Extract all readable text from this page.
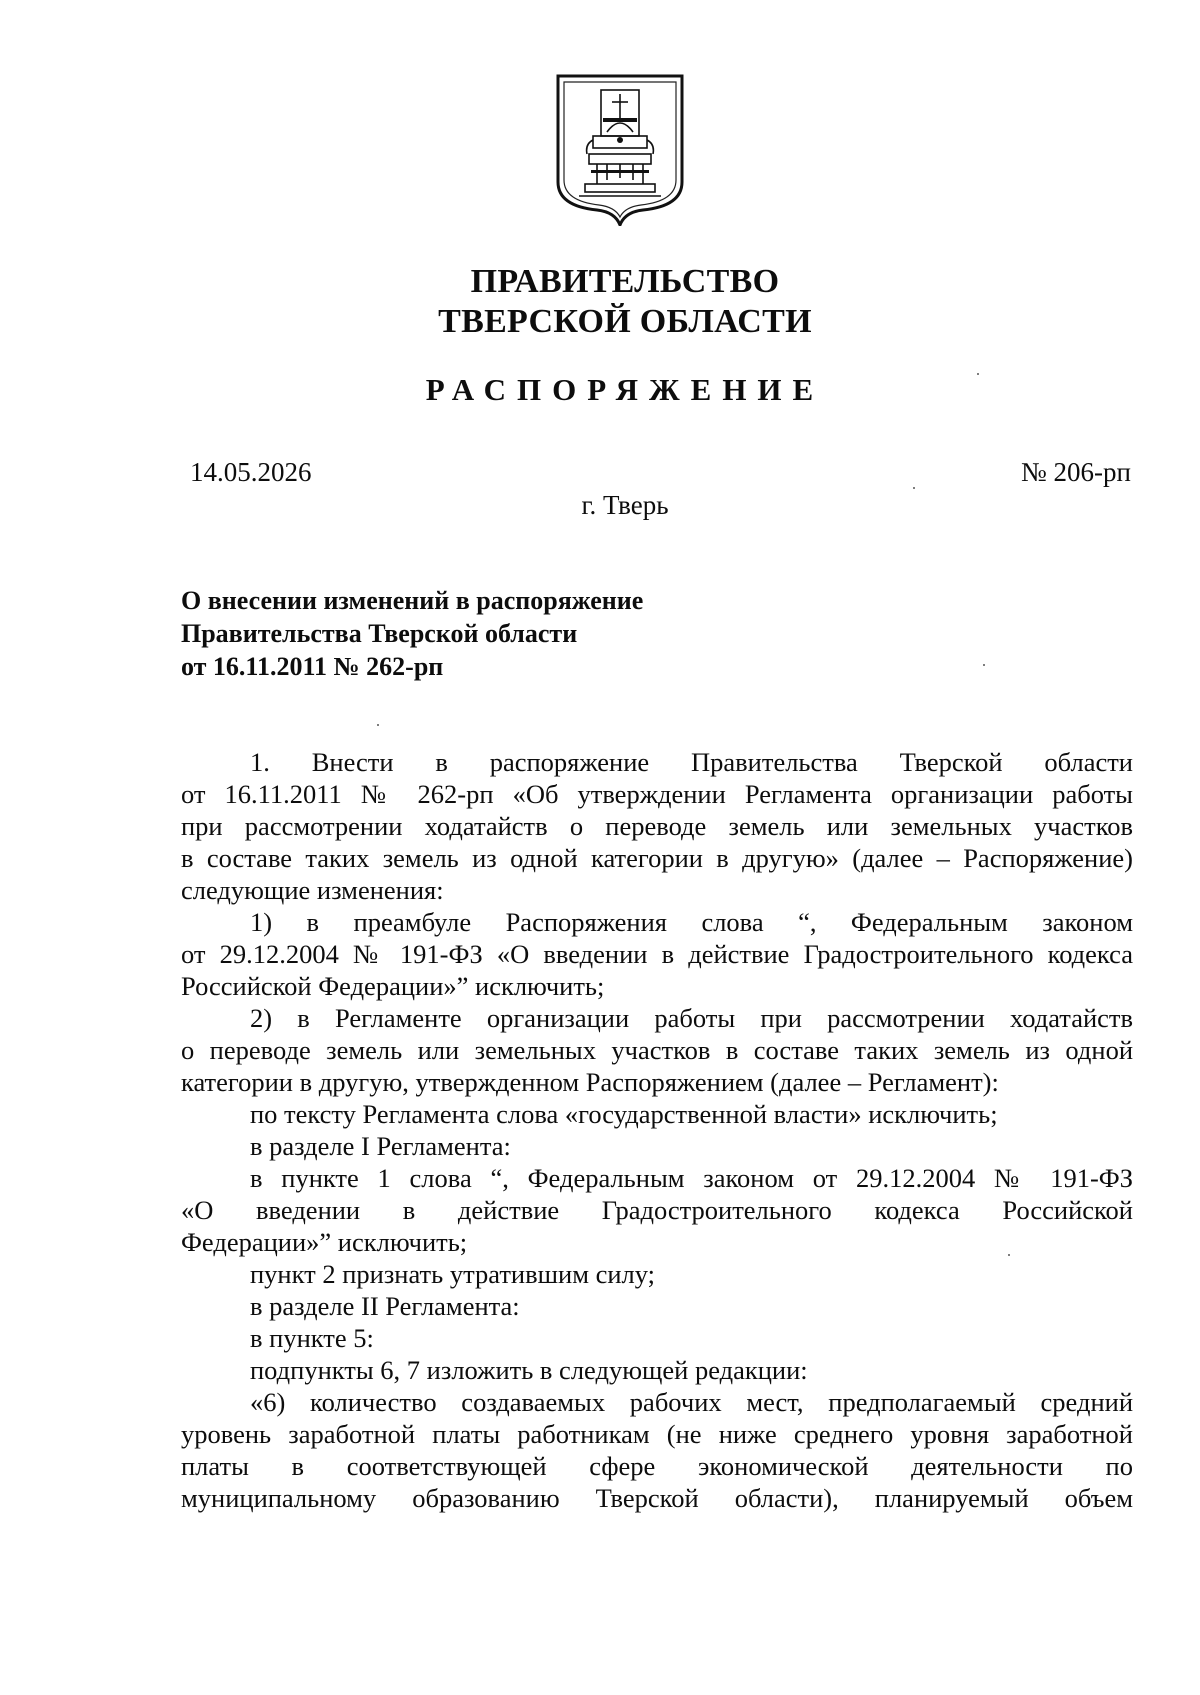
ПРАВИТЕЛЬСТВО
ТВЕРСКОЙ ОБЛАСТИ
РАСПОРЯЖЕНИЕ
14.05.2026	№ 206-рп
г. Тверь
О внесении изменений в распоряжение
Правительства Тверской области
от 16.11.2011 № 262-рп
1. Внести в распоряжение Правительства Тверской области
от 16.11.2011 № 262-рп «Об утверждении Регламента организации работы
при рассмотрении ходатайств о переводе земель или земельных участков
в составе таких земель из одной категории в другую» (далее – Распоряжение)
следующие изменения:
1) в преамбуле Распоряжения слова “, Федеральным законом
от 29.12.2004 № 191-ФЗ «О введении в действие Градостроительного кодекса
Российской Федерации»” исключить;
2) в Регламенте организации работы при рассмотрении ходатайств
о переводе земель или земельных участков в составе таких земель из одной
категории в другую, утвержденном Распоряжением (далее – Регламент):
по тексту Регламента слова «государственной власти» исключить;
в разделе I Регламента:
в пункте 1 слова “, Федеральным законом от 29.12.2004 № 191-ФЗ
«О введении в действие Градостроительного кодекса Российской
Федерации»” исключить;
пункт 2 признать утратившим силу;
в разделе II Регламента:
в пункте 5:
подпункты 6, 7 изложить в следующей редакции:
«6) количество создаваемых рабочих мест, предполагаемый средний
уровень заработной платы работникам (не ниже среднего уровня заработной
платы в соответствующей сфере экономической деятельности по
муниципальному образованию Тверской области), планируемый объем
